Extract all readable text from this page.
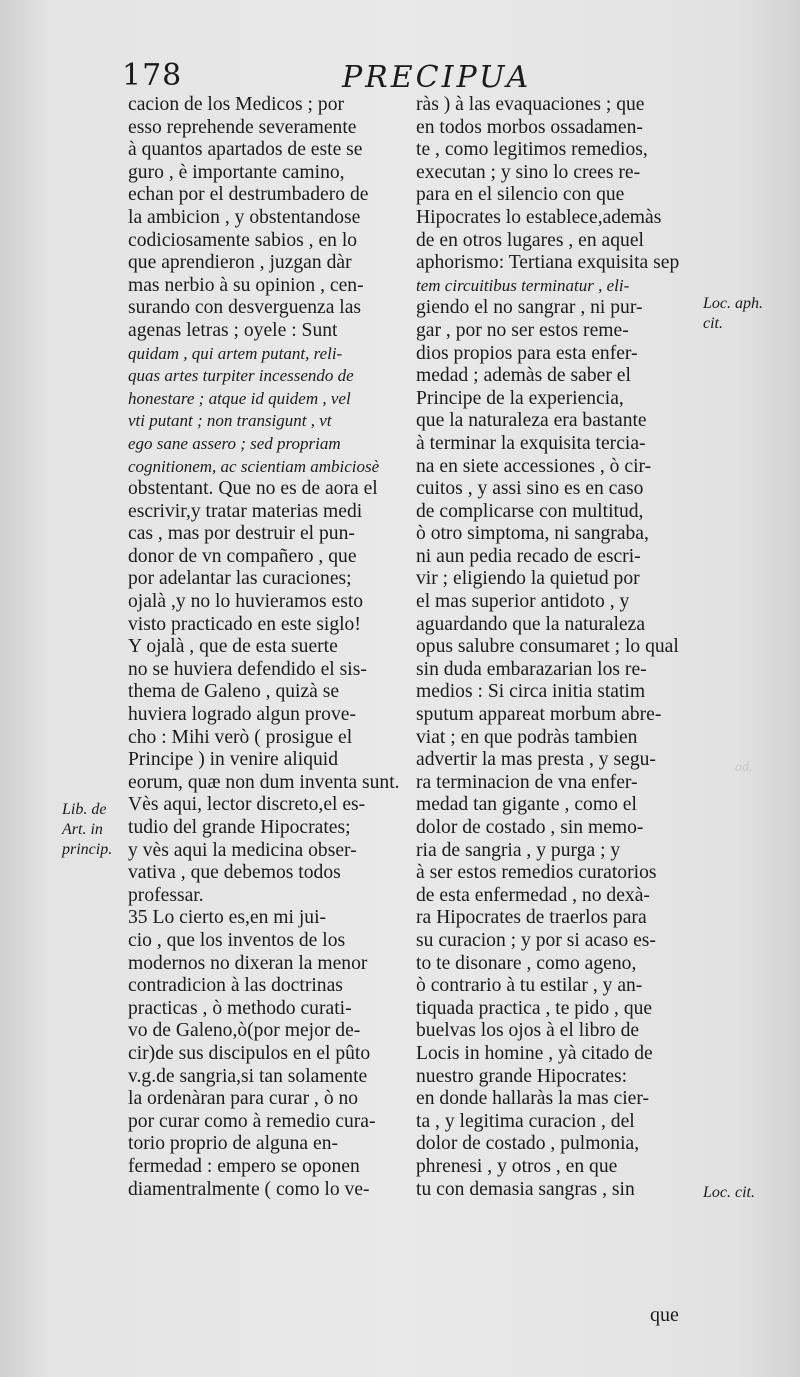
178	PRECIPUA
ad.
cacion de los Medicos ; por
esso reprehende severamente
à quantos apartados de este se
guro , è importante camino,
echan por el destrumbadero de
la ambicion , y obstentandose
codiciosamente sabios , en lo
que aprendieron , juzgan dàr
mas nerbio à su opinion , cen-
surando con desverguenza las
agenas letras ; oyele : Sunt
quidam , qui artem putant, reli-
quas artes turpiter incessendo de
honestare ; atque id quidem , vel
vti putant ; non transigunt , vt
ego sane assero ; sed propriam
cognitionem, ac scientiam ambiciosè
obstentant. Que no es de aora el
escrivir,y tratar materias medi
cas , mas por destruir el pun-
donor de vn compañero , que
por adelantar las curaciones;
ojalà ,y no lo huvieramos esto
visto practicado en este siglo!
Y ojalà , que de esta suerte
no se huviera defendido el sis-
thema de Galeno , quizà se
huviera logrado algun prove-
cho : Mihi verò ( prosigue el
Principe ) in venire aliquid
eorum, quæ non dum inventa sunt.
Vès aqui, lector discreto,el es-
tudio del grande Hipocrates;
y vès aqui la medicina obser-
vativa , que debemos todos
professar.
35 Lo cierto es,en mi jui-
cio , que los inventos de los
modernos no dixeran la menor
contradicion à las doctrinas
practicas , ò methodo curati-
vo de Galeno,ò(por mejor de-
cir)de sus discipulos en el pûto
v.g.de sangria,si tan solamente
la ordenàran para curar , ò no
por curar como à remedio cura-
torio proprio de alguna en-
fermedad : empero se oponen
diamentralmente ( como lo ve-
ràs ) à las evaquaciones ; que
en todos morbos ossadamen-
te , como legitimos remedios,
executan ; y sino lo crees re-
para en el silencio con que
Hipocrates lo establece,ademàs
de en otros lugares , en aquel
aphorismo: Tertiana exquisita sep
tem circuitibus terminatur , eli-
giendo el no sangrar , ni pur-
gar , por no ser estos reme-
dios propios para esta enfer-
medad ; ademàs de saber el
Principe de la experiencia,
que la naturaleza era bastante
à terminar la exquisita tercia-
na en siete accessiones , ò cir-
cuitos , y assi sino es en caso
de complicarse con multitud,
ò otro simptoma, ni sangraba,
ni aun pedia recado de escri-
vir ; eligiendo la quietud por
el mas superior antidoto , y
aguardando que la naturaleza
opus salubre consumaret ; lo qual
sin duda embarazarian los re-
medios : Si circa initia statim
sputum appareat morbum abre-
viat ; en que podràs tambien
advertir la mas presta , y segu-
ra terminacion de vna enfer-
medad tan gigante , como el
dolor de costado , sin memo-
ria de sangria , y purga ; y
à ser estos remedios curatorios
de esta enfermedad , no dexà-
ra Hipocrates de traerlos para
su curacion ; y por si acaso es-
to te disonare , como ageno,
ò contrario à tu estilar , y an-
tiquada practica , te pido , que
buelvas los ojos à el libro de
Locis in homine , yà citado de
nuestro grande Hipocrates:
en donde hallaràs la mas cier-
ta , y legitima curacion , del
dolor de costado , pulmonia,
phrenesi , y otros , en que
tu con demasia sangras , sin
Lib. de
Art. in
princip.
Loc. aph.
cit.
Loc. cit.
que
